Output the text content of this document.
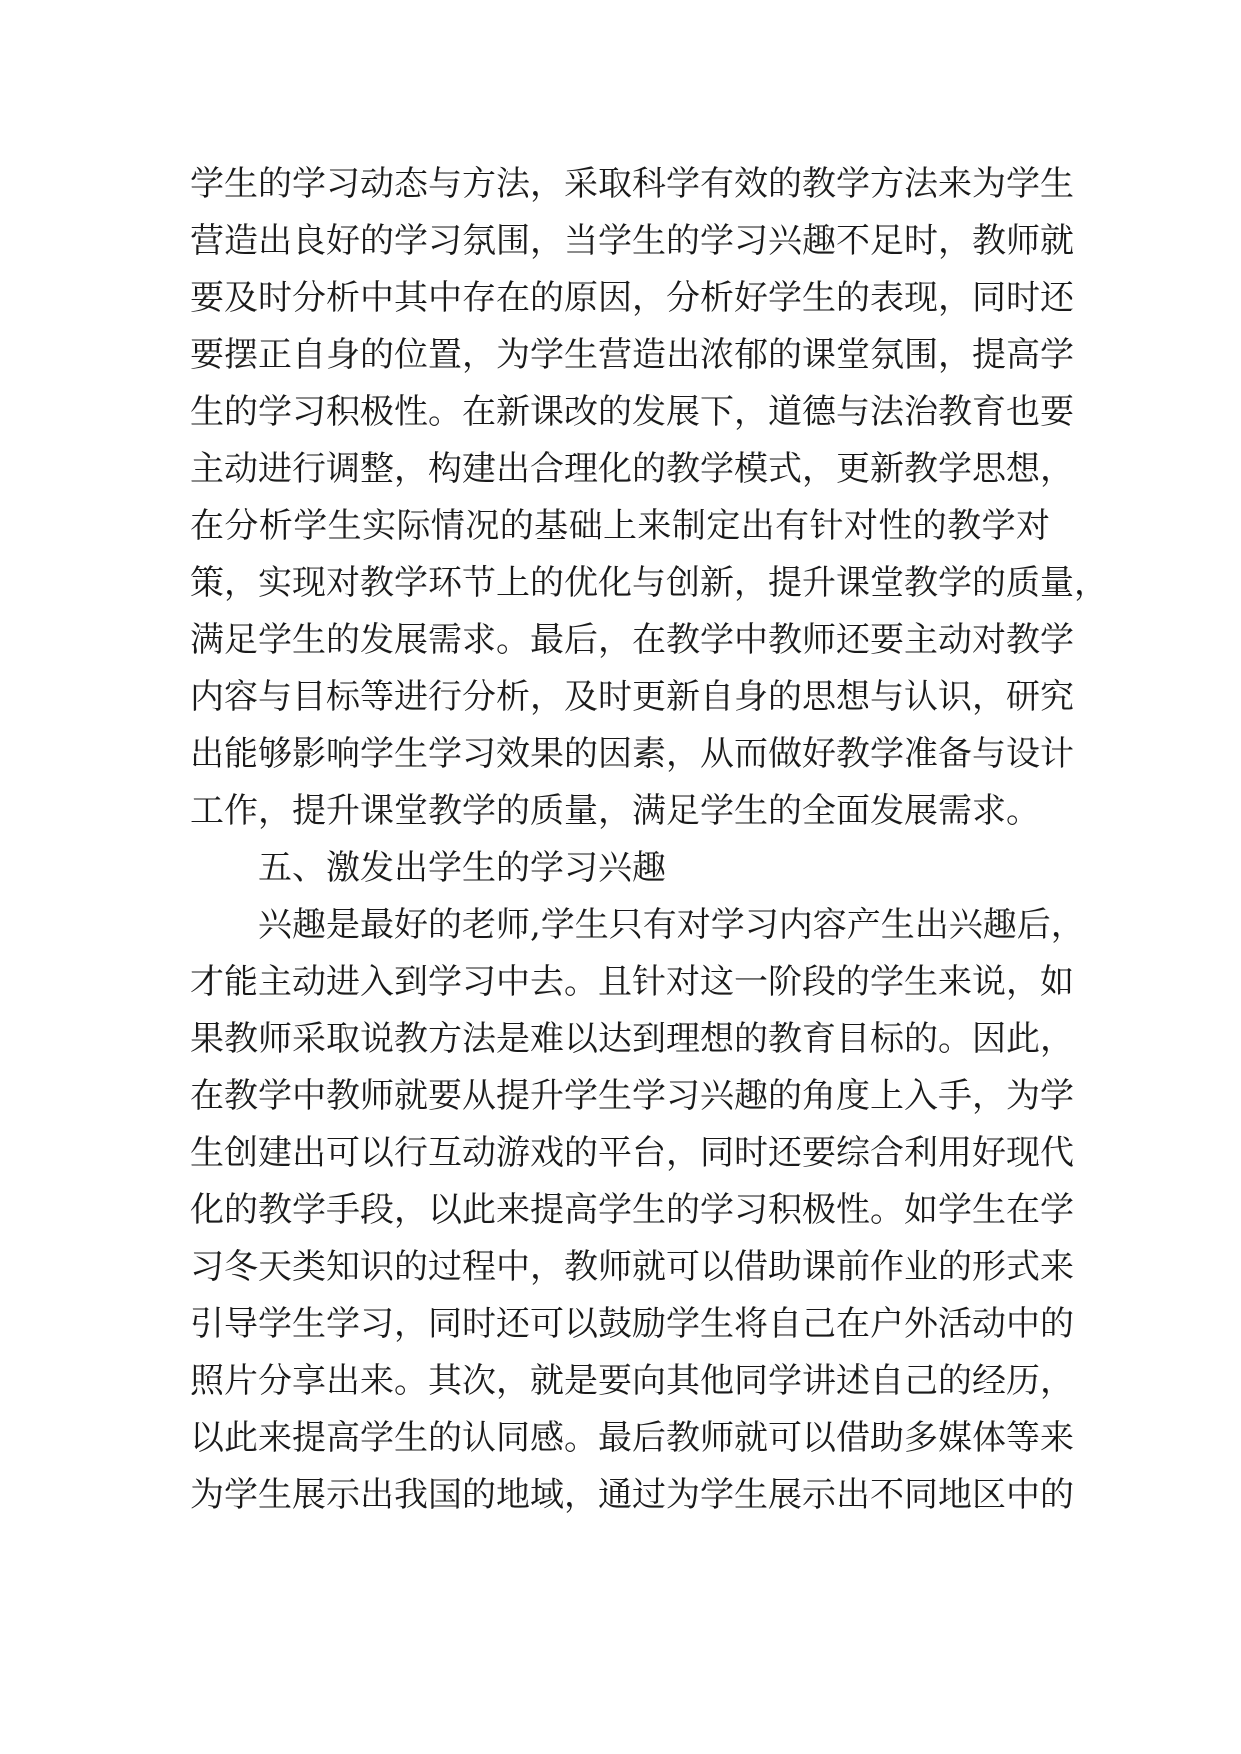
学生的学习动态与方法，采取科学有效的教学方法来为学生
营造出良好的学习氛围，当学生的学习兴趣不足时，教师就
要及时分析中其中存在的原因，分析好学生的表现，同时还
要摆正自身的位置，为学生营造出浓郁的课堂氛围，提高学
生的学习积极性。在新课改的发展下，道德与法治教育也要
主动进行调整，构建出合理化的教学模式，更新教学思想，
在分析学生实际情况的基础上来制定出有针对性的教学对
策，实现对教学环节上的优化与创新，提升课堂教学的质量，
满足学生的发展需求。最后，在教学中教师还要主动对教学
内容与目标等进行分析，及时更新自身的思想与认识，研究
出能够影响学生学习效果的因素，从而做好教学准备与设计
工作，提升课堂教学的质量，满足学生的全面发展需求。
五、激发出学生的学习兴趣
兴趣是最好的老师,学生只有对学习内容产生出兴趣后，
才能主动进入到学习中去。且针对这一阶段的学生来说，如
果教师采取说教方法是难以达到理想的教育目标的。因此，
在教学中教师就要从提升学生学习兴趣的角度上入手，为学
生创建出可以行互动游戏的平台，同时还要综合利用好现代
化的教学手段，以此来提高学生的学习积极性。如学生在学
习冬天类知识的过程中，教师就可以借助课前作业的形式来
引导学生学习，同时还可以鼓励学生将自己在户外活动中的
照片分享出来。其次，就是要向其他同学讲述自己的经历，
以此来提高学生的认同感。最后教师就可以借助多媒体等来
为学生展示出我国的地域，通过为学生展示出不同地区中的
